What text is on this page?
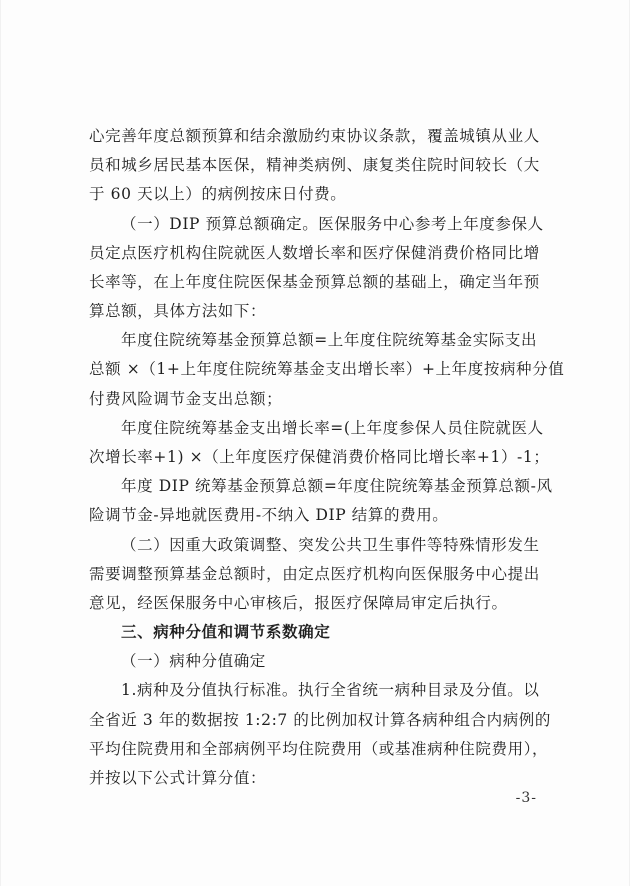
心完善年度总额预算和结余激励约束协议条款，覆盖城镇从业人
员和城乡居民基本医保，精神类病例、康复类住院时间较长（大
于 60 天以上）的病例按床日付费。
（一）DIP 预算总额确定。医保服务中心参考上年度参保人
员定点医疗机构住院就医人数增长率和医疗保健消费价格同比增
长率等，在上年度住院医保基金预算总额的基础上，确定当年预
算总额，具体方法如下：
年度住院统筹基金预算总额=上年度住院统筹基金实际支出
总额 ×（1+上年度住院统筹基金支出增长率）+上年度按病种分值
付费风险调节金支出总额；
年度住院统筹基金支出增长率=(上年度参保人员住院就医人
次增长率+1) ×（上年度医疗保健消费价格同比增长率+1）-1；
年度 DIP 统筹基金预算总额=年度住院统筹基金预算总额-风
险调节金-异地就医费用-不纳入 DIP 结算的费用。
（二）因重大政策调整、突发公共卫生事件等特殊情形发生
需要调整预算基金总额时，由定点医疗机构向医保服务中心提出
意见，经医保服务中心审核后，报医疗保障局审定后执行。
三、病种分值和调节系数确定
（一）病种分值确定
1.病种及分值执行标准。执行全省统一病种目录及分值。以
全省近 3 年的数据按 1:2:7 的比例加权计算各病种组合内病例的
平均住院费用和全部病例平均住院费用（或基准病种住院费用），
并按以下公式计算分值：
-3-
